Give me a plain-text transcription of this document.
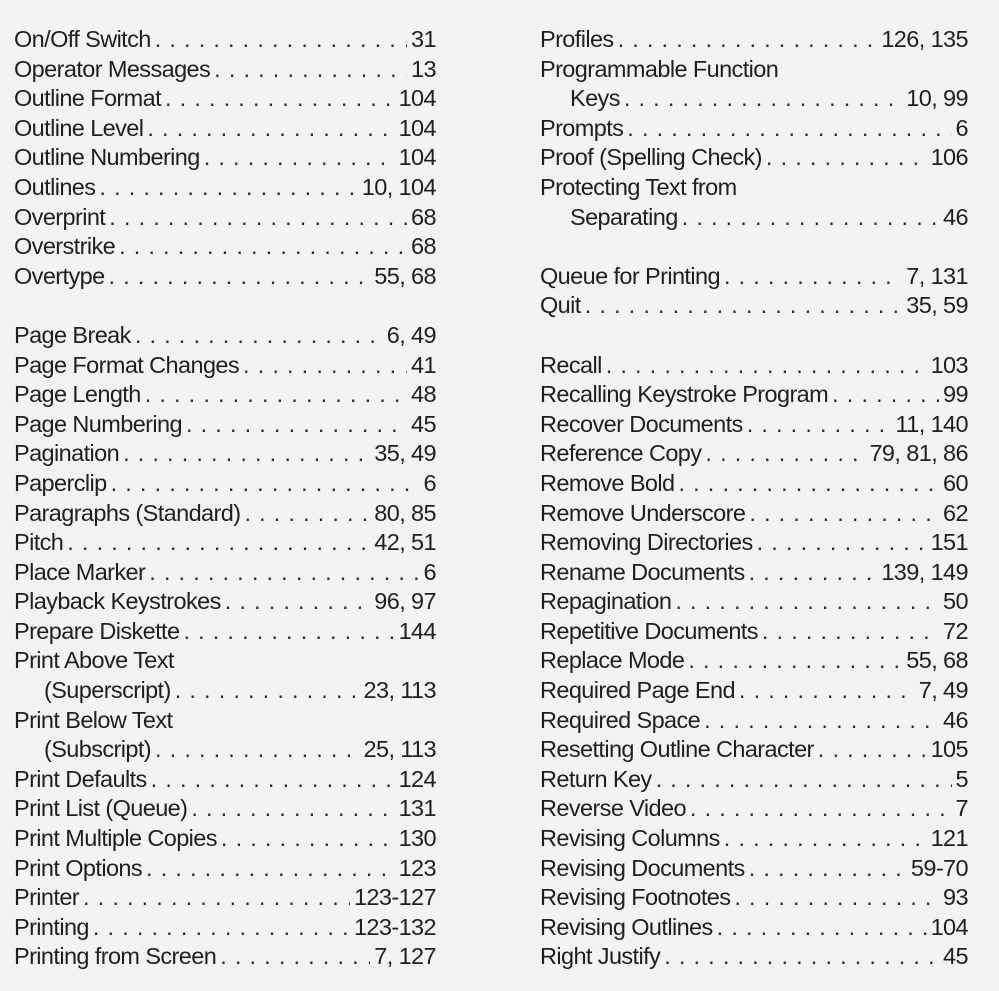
On/Off Switch . . .	31
Operator Messages . . .	13
Outline Format . . .	104
Outline Level . . .	104
Outline Numbering . . .	104
Outlines . . .	10, 104
Overprint . . .	68
Overstrike . . .	68
Overtype . . .	55, 68
Page Break . . .	6, 49
Page Format Changes . . .	41
Page Length . . .	48
Page Numbering . . .	45
Pagination . . .	35, 49
Paperclip . . .	6
Paragraphs (Standard) . . .	80, 85
Pitch . . .	42, 51
Place Marker . . .	6
Playback Keystrokes . . .	96, 97
Prepare Diskette . . .	144
Print Above Text
(Superscript) . . .	23, 113
Print Below Text
(Subscript) . . .	25, 113
Print Defaults . . .	124
Print List (Queue) . . .	131
Print Multiple Copies . . .	130
Print Options . . .	123
Printer . . .	123-127
Printing . . .	123-132
Printing from Screen . . .	7, 127
Profiles . . .	126, 135
Programmable Function
Keys . . .	10, 99
Prompts . . .	6
Proof (Spelling Check) . . .	106
Protecting Text from
Separating . . .	46
Queue for Printing . . .	7, 131
Quit . . .	35, 59
Recall . . .	103
Recalling Keystroke Program . . .	99
Recover Documents . . .	11, 140
Reference Copy . . .	79, 81, 86
Remove Bold . . .	60
Remove Underscore . . .	62
Removing Directories . . .	151
Rename Documents . . .	139, 149
Repagination . . .	50
Repetitive Documents . . .	72
Replace Mode . . .	55, 68
Required Page End . . .	7, 49
Required Space . . .	46
Resetting Outline Character . . .	105
Return Key . . .	5
Reverse Video . . .	7
Revising Columns . . .	121
Revising Documents . . .	59-70
Revising Footnotes . . .	93
Revising Outlines . . .	104
Right Justify . . .	45
